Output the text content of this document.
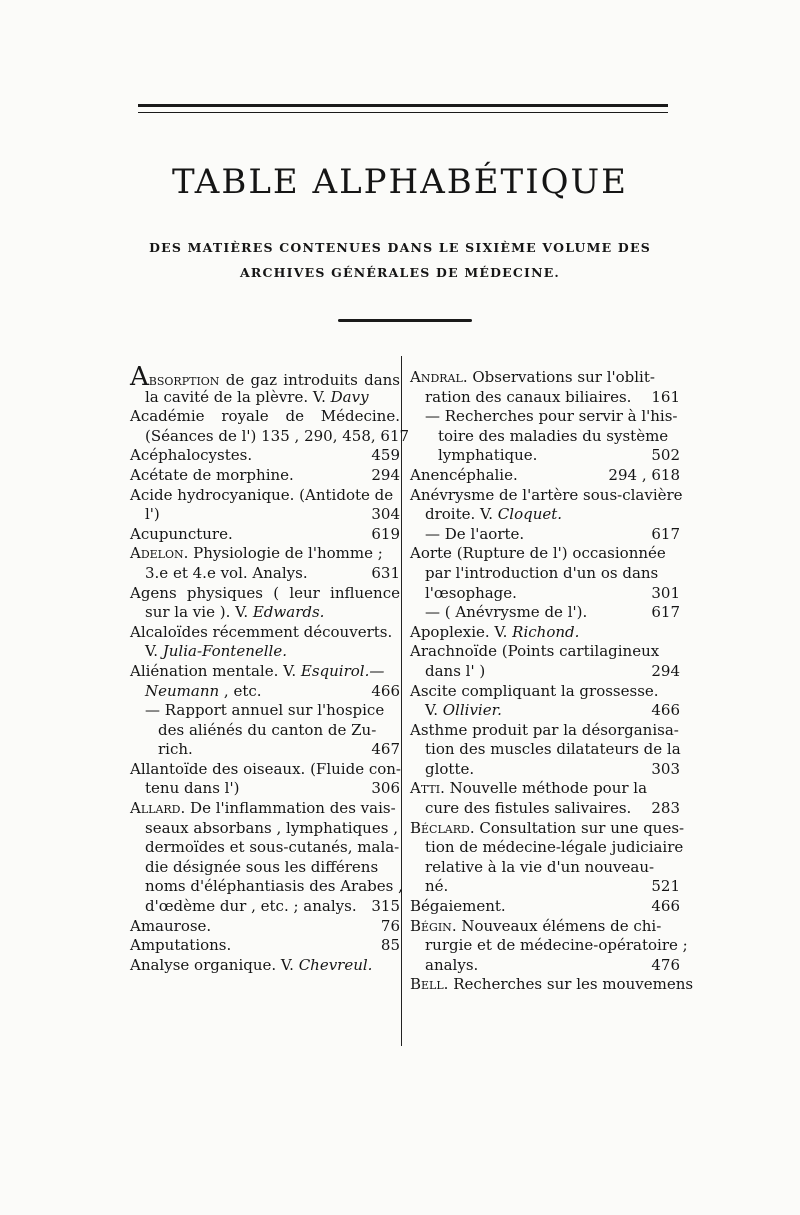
TABLE ALPHABÉTIQUE
DES MATIÈRES CONTENUES DANS LE SIXIÈME VOLUME DES
ARCHIVES GÉNÉRALES DE MÉDECINE.
Absorption de gaz introduits dans
la cavité de la plèvre. V. Davy
Académie royale de Médecine.
(Séances de l') 135 , 290, 458, 617
Acéphalocystes.	459
Acétate de morphine.	294
Acide hydrocyanique. (Antidote de
l')	304
Acupuncture.	619
Adelon. Physiologie de l'homme ;
3.e et 4.e vol. Analys.	631
Agens physiques ( leur influence
sur la vie ). V. Edwards.
Alcaloïdes récemment découverts.
V. Julia-Fontenelle.
Aliénation mentale. V. Esquirol.—
Neumann , etc.	466
— Rapport annuel sur l'hospice
des aliénés du canton de Zu-
rich.	467
Allantoïde des oiseaux. (Fluide con-
tenu dans l')	306
Allard. De l'inflammation des vais-
seaux absorbans , lymphatiques ,
dermoïdes et sous-cutanés, mala-
die désignée sous les différens
noms d'éléphantiasis des Arabes ,
d'œdème dur , etc. ; analys. 315
Amaurose.	76
Amputations.	85
Analyse organique. V. Chevreul.
Andral. Observations sur l'oblit-
ration des canaux biliaires. 161
— Recherches pour servir à l'his-
toire des maladies du système
lymphatique.	502
Anencéphalie.	294 , 618
Anévrysme de l'artère sous-clavière
droite. V. Cloquet.
— De l'aorte.	617
Aorte (Rupture de l') occasionnée
par l'introduction d'un os dans
l'œsophage.	301
— ( Anévrysme de l').	617
Apoplexie. V. Richond.
Arachnoïde (Points cartilagineux
dans l' )	294
Ascite compliquant la grossesse.
V. Ollivier.	466
Asthme produit par la désorganisa-
tion des muscles dilatateurs de la
glotte.	303
Atti. Nouvelle méthode pour la
cure des fistules salivaires. 283
Béclard. Consultation sur une ques-
tion de médecine-légale judiciaire
relative à la vie d'un nouveau-
né.	521
Bégaiement.	466
Bégin. Nouveaux élémens de chi-
rurgie et de médecine-opératoire ;
analys.	476
Bell. Recherches sur les mouvemens
